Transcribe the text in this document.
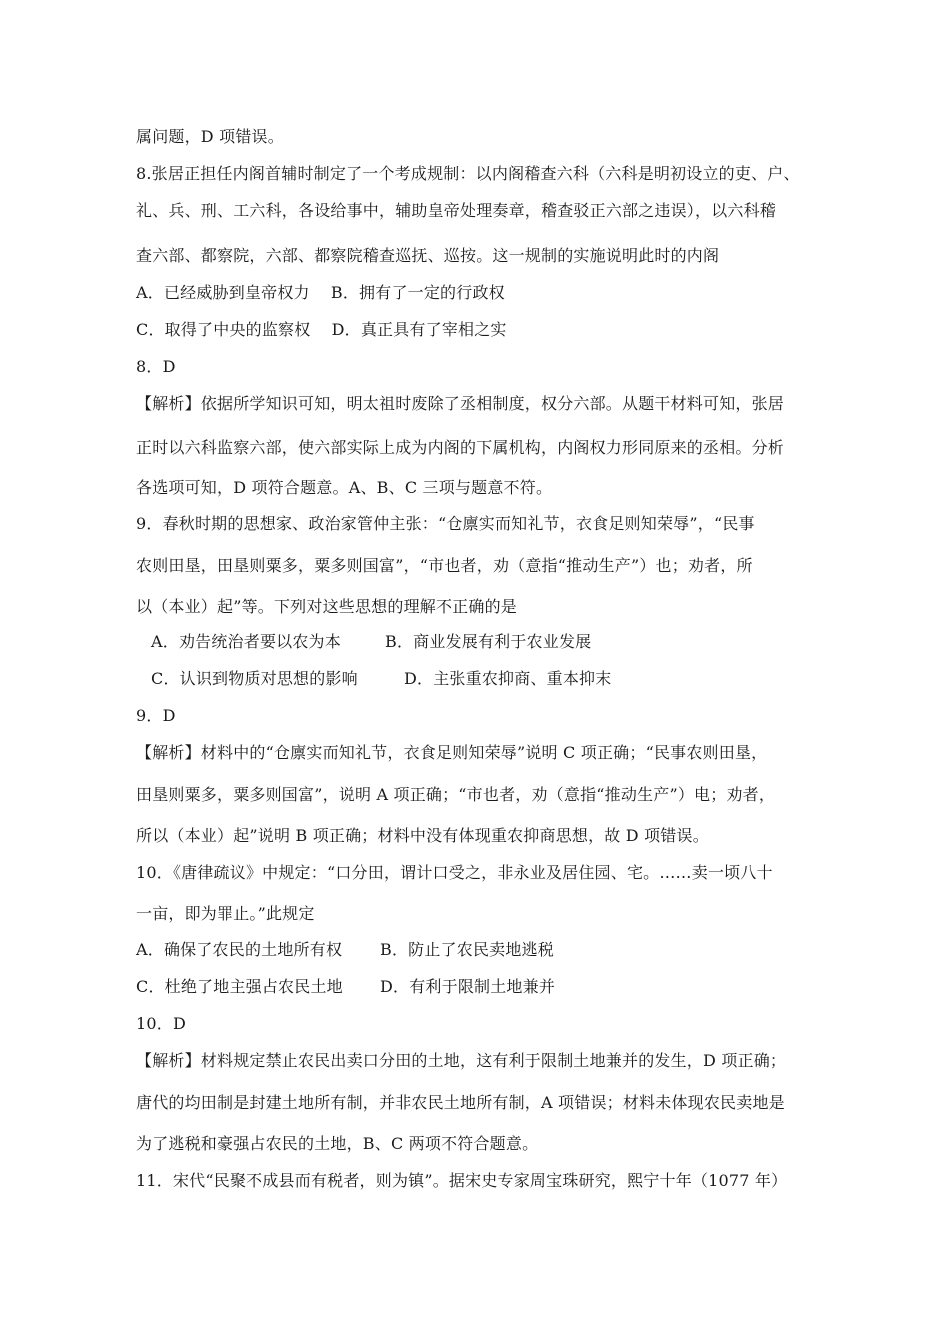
属问题，D 项错误。
8.张居正担任内阁首辅时制定了一个考成规制：以内阁稽查六科（六科是明初设立的吏、户、
礼、兵、刑、工六科，各设给事中，辅助皇帝处理奏章，稽查驳正六部之违误），以六科稽
查六部、都察院，六部、都察院稽查巡抚、巡按。这一规制的实施说明此时的内阁
A．已经威胁到皇帝权力    B．拥有了一定的行政权
C．取得了中央的监察权    D．真正具有了宰相之实
8．D
【解析】依据所学知识可知，明太祖时废除了丞相制度，权分六部。从题干材料可知，张居
正时以六科监察六部，使六部实际上成为内阁的下属机构，内阁权力形同原来的丞相。分析
各选项可知，D 项符合题意。A、B、C 三项与题意不符。
9．春秋时期的思想家、政治家管仲主张：“仓廪实而知礼节，衣食足则知荣辱”，“民事
农则田垦，田垦则粟多，粟多则国富”，“市也者，劝（意指“推动生产”）也；劝者，所
以（本业）起”等。下列对这些思想的理解不正确的是
A．劝告统治者要以农为本	B．商业发展有利于农业发展
C．认识到物质对思想的影响	D．主张重农抑商、重本抑末
9．D
【解析】材料中的“仓廪实而知礼节，衣食足则知荣辱”说明 C 项正确；“民事农则田垦，
田垦则粟多，粟多则国富”，说明 A 项正确；“市也者，劝（意指“推动生产”）电；劝者，
所以（本业）起”说明 B 项正确；材料中没有体现重农抑商思想，故 D 项错误。
10．《唐律疏议》中规定：“口分田，谓计口受之，非永业及居住园、宅。……卖一顷八十
一亩，即为罪止。”此规定
A．确保了农民的土地所有权 B．防止了农民卖地逃税
C．杜绝了地主强占农民土地 D．有利于限制土地兼并
10．D
【解析】材料规定禁止农民出卖口分田的土地，这有利于限制土地兼并的发生，D 项正确；
唐代的均田制是封建土地所有制，并非农民土地所有制，A 项错误；材料未体现农民卖地是
为了逃税和豪强占农民的土地，B、C 两项不符合题意。
11．宋代“民聚不成县而有税者，则为镇”。据宋史专家周宝珠研究，熙宁十年（1077 年）
